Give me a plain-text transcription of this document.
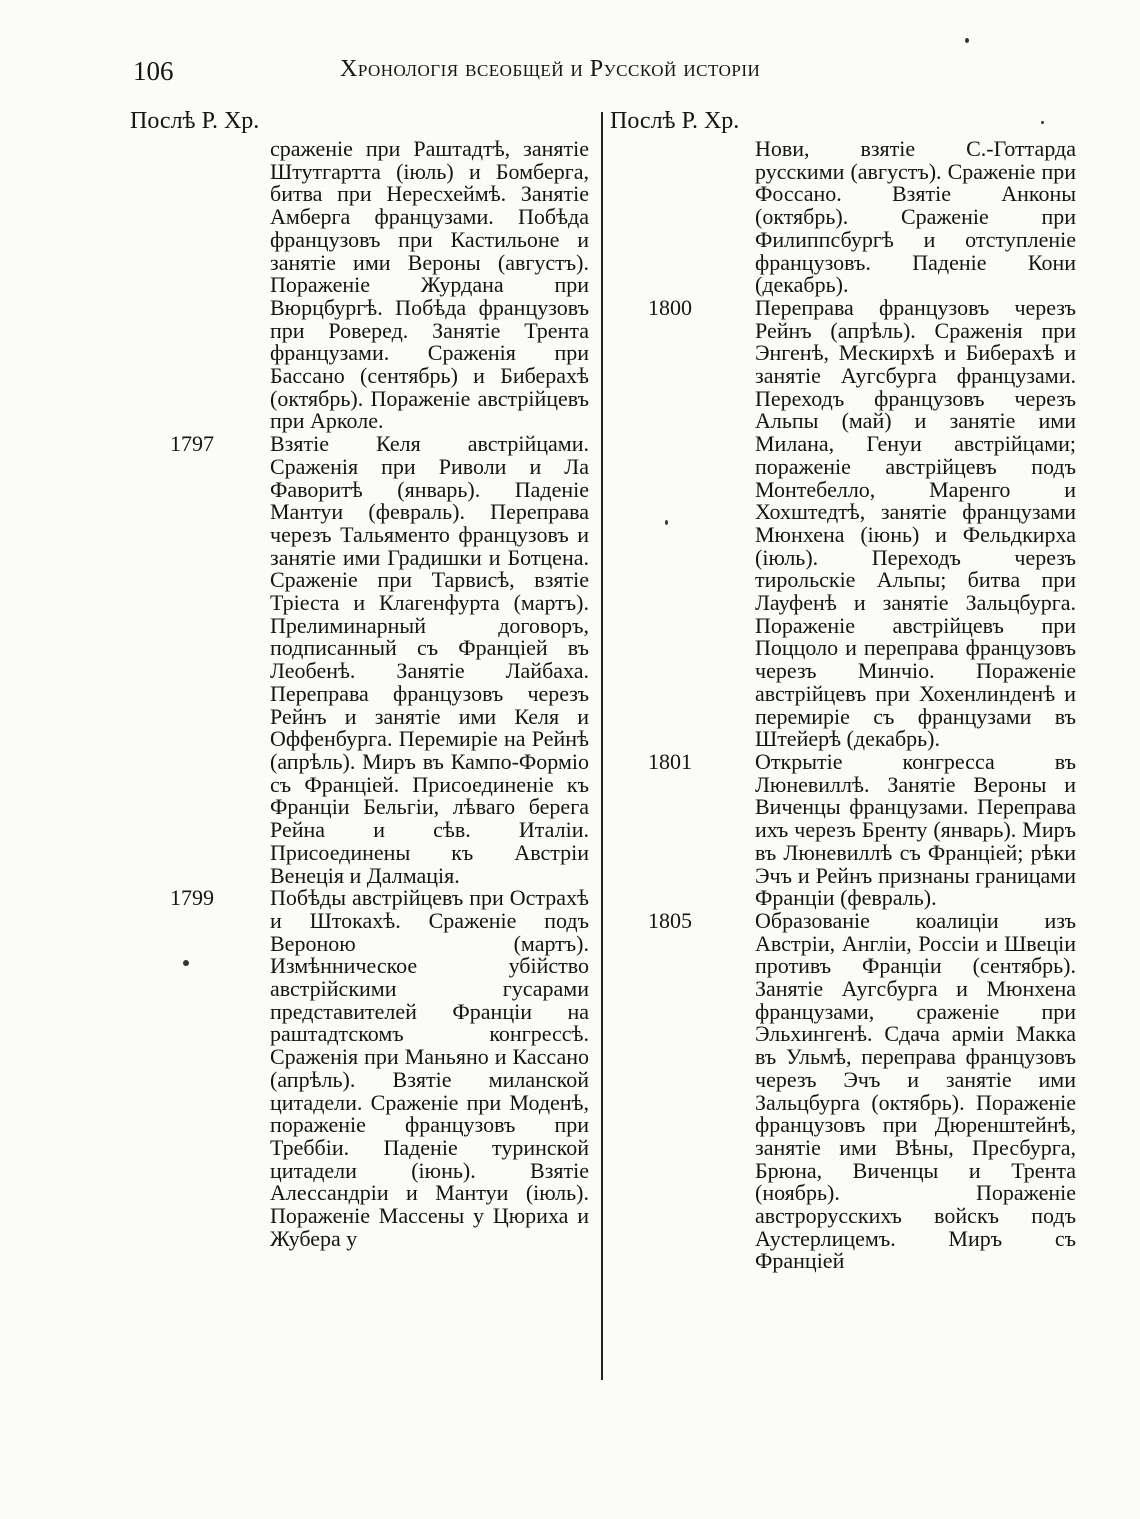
106	Хронологія всеобщей и Русской исторіи
Послѣ Р. Хр.	Послѣ Р. Хр.

сраженіе при Раштадтѣ, занятіе Штутгартта (іюль) и Бомберга, битва при Нересхеймѣ. Занятіе Амберга французами. Побѣда французовъ при Кастильоне и занятіе ими Вероны (августъ). Пораженіе Журдана при Вюрцбургѣ. Побѣда французовъ при Роверед. Занятіе Трента французами. Сраженія при Бассано (сентябрь) и Биберахѣ (октябрь). Пораженіе австрійцевъ при Арколе.

1797	Взятіе Келя австрійцами. Сраженія при Риволи и Ла Фаворитѣ (январь). Паденіе Мантуи (февраль). Переправа черезъ Тальяменто французовъ и занятіе ими Градишки и Ботцена. Сраженіе при Тарвисѣ, взятіе Тріеста и Клагенфурта (мартъ). Прелиминарный договоръ, подписанный съ Франціей въ Леобенѣ. Занятіе Лайбаха. Переправа французовъ черезъ Рейнъ и занятіе ими Келя и Оффенбурга. Перемиріе на Рейнѣ (апрѣль). Миръ въ Кампо-Форміо съ Франціей. Присоединеніе къ Франціи Бельгіи, лѣваго берега Рейна и сѣв. Италіи. Присоединены къ Австріи Венеція и Далмація.

1799	Побѣды австрійцевъ при Острахѣ и Штокахѣ. Сраженіе подъ Вероною (мартъ). Измѣнническое убійство австрійскими гусарами представителей Франціи на раштадтскомъ конгрессѣ. Сраженія при Маньяно и Кассано (апрѣль). Взятіе миланской цитадели. Сраженіе при Моденѣ, пораженіе французовъ при Треббіи. Паденіе туринской цитадели (іюнь). Взятіе Алессандріи и Мантуи (іюль). Пораженіе Массены у Цюриха и Жубера у

Нови, взятіе С.-Готтарда русскими (августъ). Сраженіе при Фоссано. Взятіе Анконы (октябрь). Сраженіе при Филиппсбургѣ и отступленіе французовъ. Паденіе Кони (декабрь).

1800	Переправа французовъ черезъ Рейнъ (апрѣль). Сраженія при Энгенѣ, Мескирхѣ и Биберахѣ и занятіе Аугсбурга французами. Переходъ французовъ черезъ Альпы (май) и занятіе ими Милана, Генуи австрійцами; пораженіе австрійцевъ подъ Монтебелло, Маренго и Хохштедтѣ, занятіе французами Мюнхена (іюнь) и Фельдкирха (іюль). Переходъ черезъ тирольскіе Альпы; битва при Лауфенѣ и занятіе Зальцбурга. Пораженіе австрійцевъ при Поццоло и переправа французовъ черезъ Минчіо. Пораженіе австрійцевъ при Хохенлинденѣ и перемиріе съ французами въ Штейерѣ (декабрь).

1801	Открытіе конгресса въ Люневиллѣ. Занятіе Вероны и Виченцы французами. Переправа ихъ черезъ Бренту (январь). Миръ въ Люневиллѣ съ Франціей; рѣки Эчъ и Рейнъ признаны границами Франціи (февраль).

1805	Образованіе коалиціи изъ Австріи, Англіи, Россіи и Швеціи противъ Франціи (сентябрь). Занятіе Аугсбурга и Мюнхена французами, сраженіе при Эльхингенѣ. Сдача арміи Макка въ Ульмѣ, переправа французовъ черезъ Эчъ и занятіе ими Зальцбурга (октябрь). Пораженіе французовъ при Дюренштейнѣ, занятіе ими Вѣны, Пресбурга, Брюна, Виченцы и Трента (ноябрь). Пораженіе австрорусскихъ войскъ подъ Аустерлицемъ. Миръ съ Франціей
